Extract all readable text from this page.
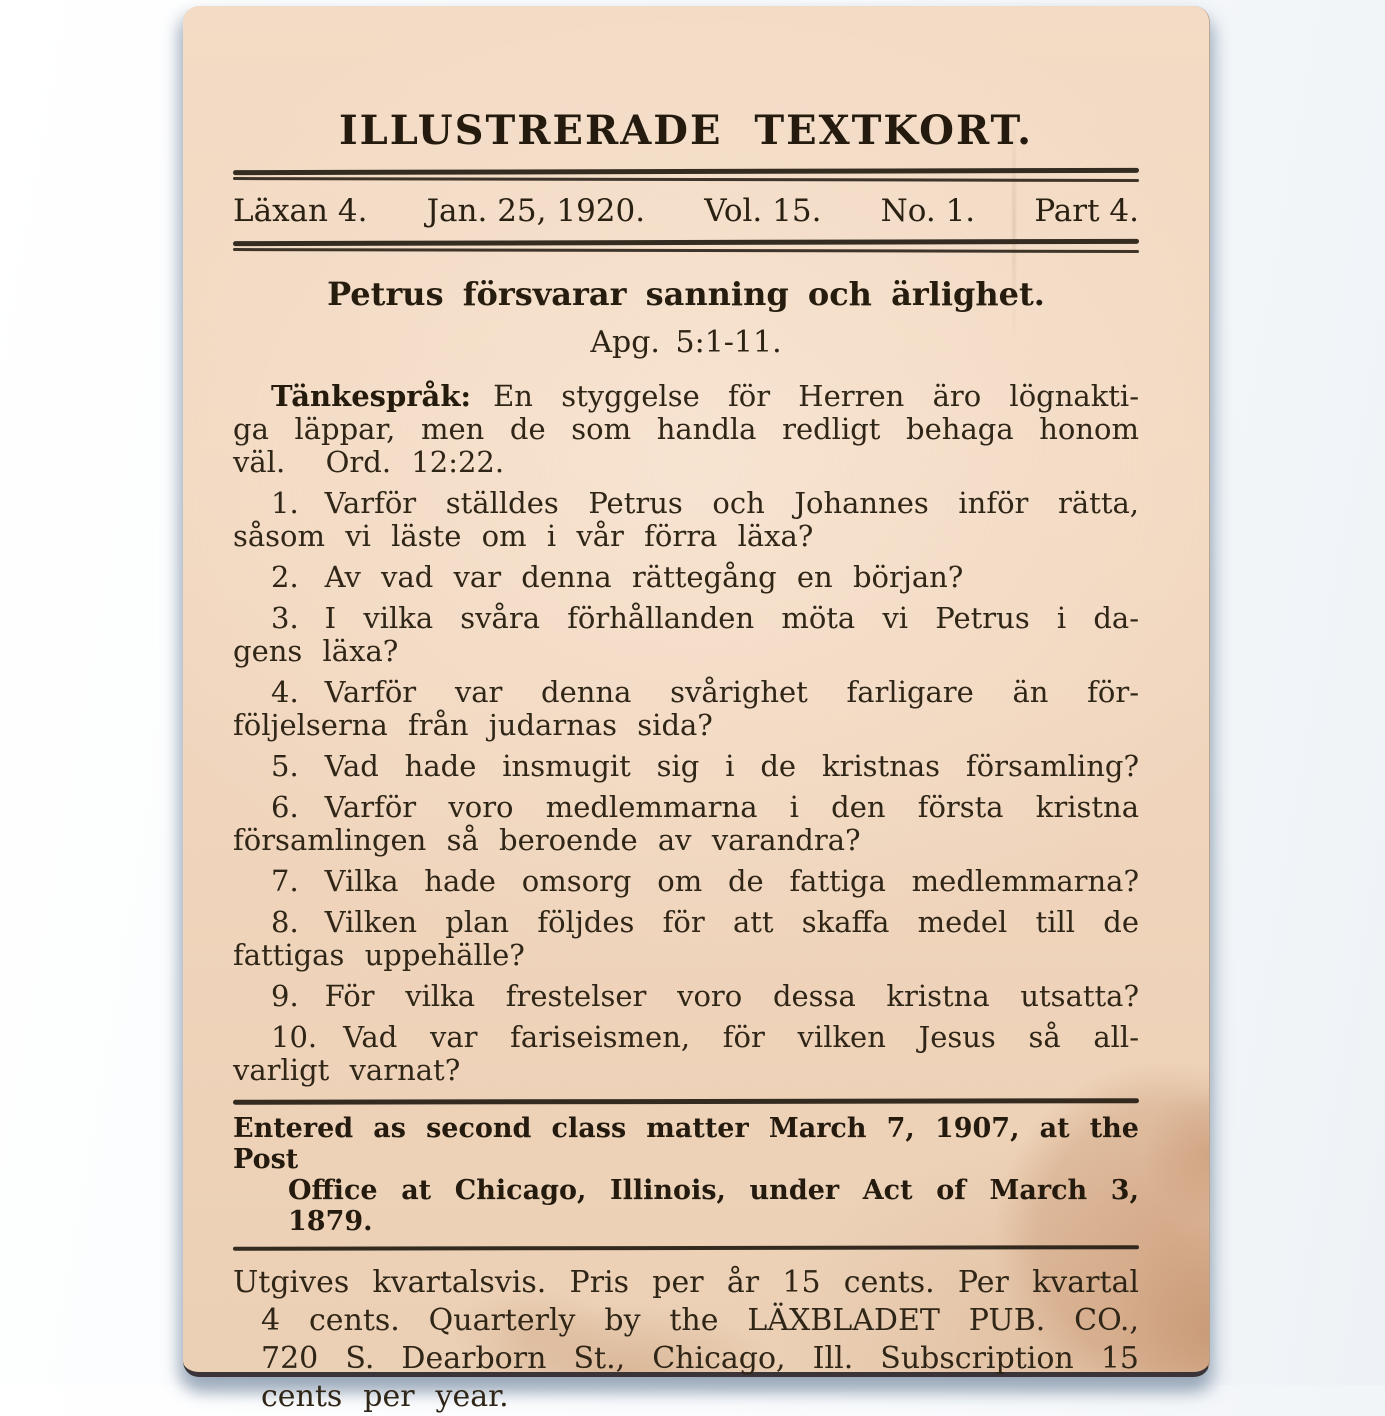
ILLUSTRERADE TEXTKORT.
Läxan 4. Jan. 25, 1920. Vol. 15. No. 1. Part 4.
Petrus försvarar sanning och ärlighet.
Apg. 5:1-11.
Tänkespråk: En styggelse för Herren äro lögnakti-
ga läppar, men de som handla redligt behaga honom
väl.  Ord. 12:22.
1. Varför ställdes Petrus och Johannes inför rätta,
såsom vi läste om i vår förra läxa?
2. Av vad var denna rättegång en början?
3. I vilka svåra förhållanden möta vi Petrus i da-
gens läxa?
4. Varför var denna svårighet farligare än för-
följelserna från judarnas sida?
5. Vad hade insmugit sig i de kristnas församling?
6. Varför voro medlemmarna i den första kristna
församlingen så beroende av varandra?
7. Vilka hade omsorg om de fattiga medlemmarna?
8. Vilken plan följdes för att skaffa medel till de
fattigas uppehälle?
9. För vilka frestelser voro dessa kristna utsatta?
10. Vad var fariseismen, för vilken Jesus så all-
varligt varnat?
Entered as second class matter March 7, 1907, at the Post
Office at Chicago, Illinois, under Act of March 3, 1879.
Utgives kvartalsvis. Pris per år 15 cents. Per kvartal
4 cents. Quarterly by the LÄXBLADET PUB. CO.,
720 S. Dearborn St., Chicago, Ill. Subscription 15
cents per year.
